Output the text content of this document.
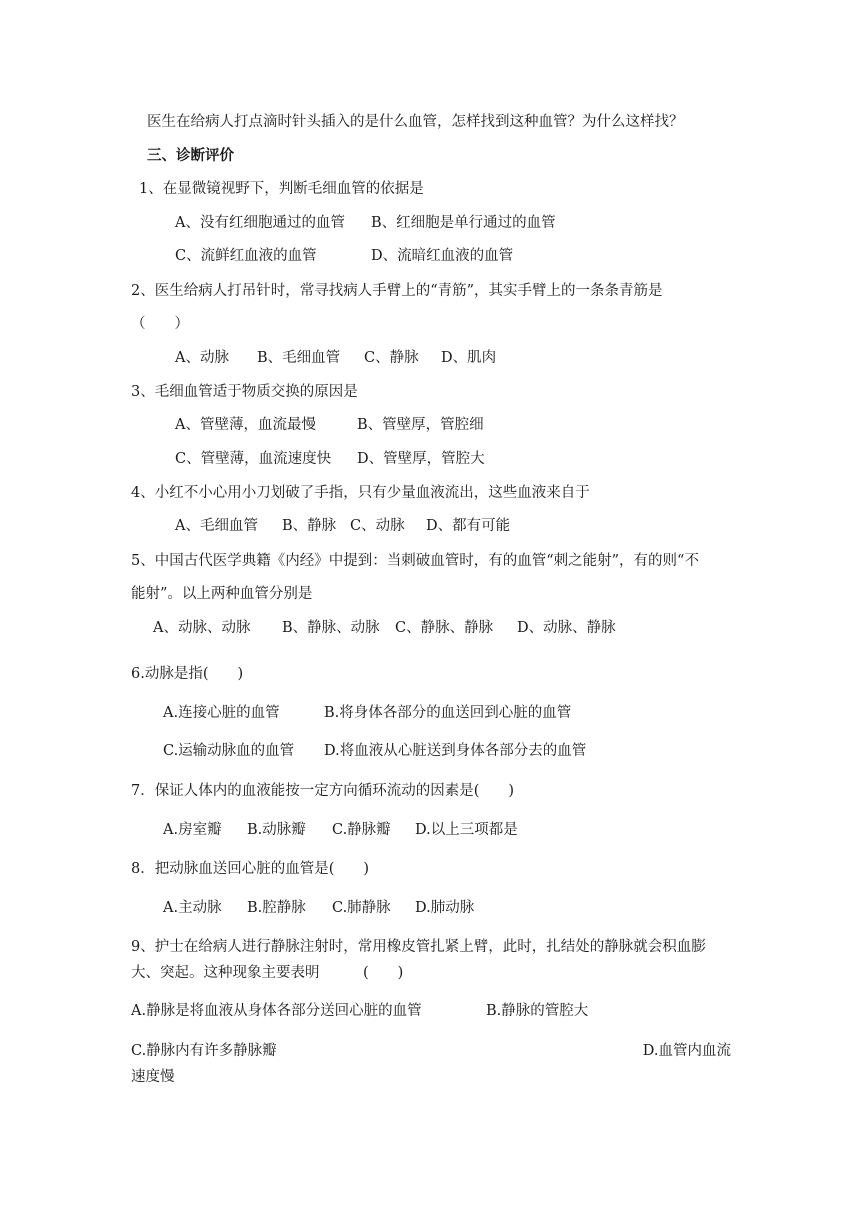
医生在给病人打点滴时针头插入的是什么血管，怎样找到这种血管？为什么这样找？
三、诊断评价
1、在显微镜视野下，判断毛细血管的依据是
A、没有红细胞通过的血管 B、红细胞是单行通过的血管
C、流鲜红血液的血管	D、流暗红血液的血管
2、医生给病人打吊针时，常寻找病人手臂上的“青筋”，其实手臂上的一条条青筋是
（　　）
A、动脉 B、毛细血管 C、静脉 D、肌肉
3、毛细血管适于物质交换的原因是
A、管壁薄，血流最慢	B、管壁厚，管腔细
C、管壁薄，血流速度快 D、管壁厚，管腔大
4、小红不小心用小刀划破了手指，只有少量血液流出，这些血液来自于
A、毛细血管 B、静脉 C、动脉 D、都有可能
5、中国古代医学典籍《内经》中提到：当刺破血管时，有的血管“刺之能射”，有的则“不
能射”。以上两种血管分别是
A、动脉、动脉 B、静脉、动脉 C、静脉、静脉 D、动脉、静脉
6.动脉是指(　　)
A.连接心脏的血管	B.将身体各部分的血送回到心脏的血管
C.运输动脉血的血管 D.将血液从心脏送到身体各部分去的血管
7．保证人体内的血液能按一定方向循环流动的因素是(　　)
A.房室瓣 B.动脉瓣 C.静脉瓣 D.以上三项都是
8．把动脉血送回心脏的血管是(　　)
A.主动脉 B.腔静脉 C.肺静脉 D.肺动脉
9、护士在给病人进行静脉注射时，常用橡皮管扎紧上臂，此时，扎结处的静脉就会积血膨
大、突起。这种现象主要表明　　　(　　)
A.静脉是将血液从身体各部分送回心脏的血管	B.静脉的管腔大
C.静脉内有许多静脉瓣	D.血管内血流
速度慢
